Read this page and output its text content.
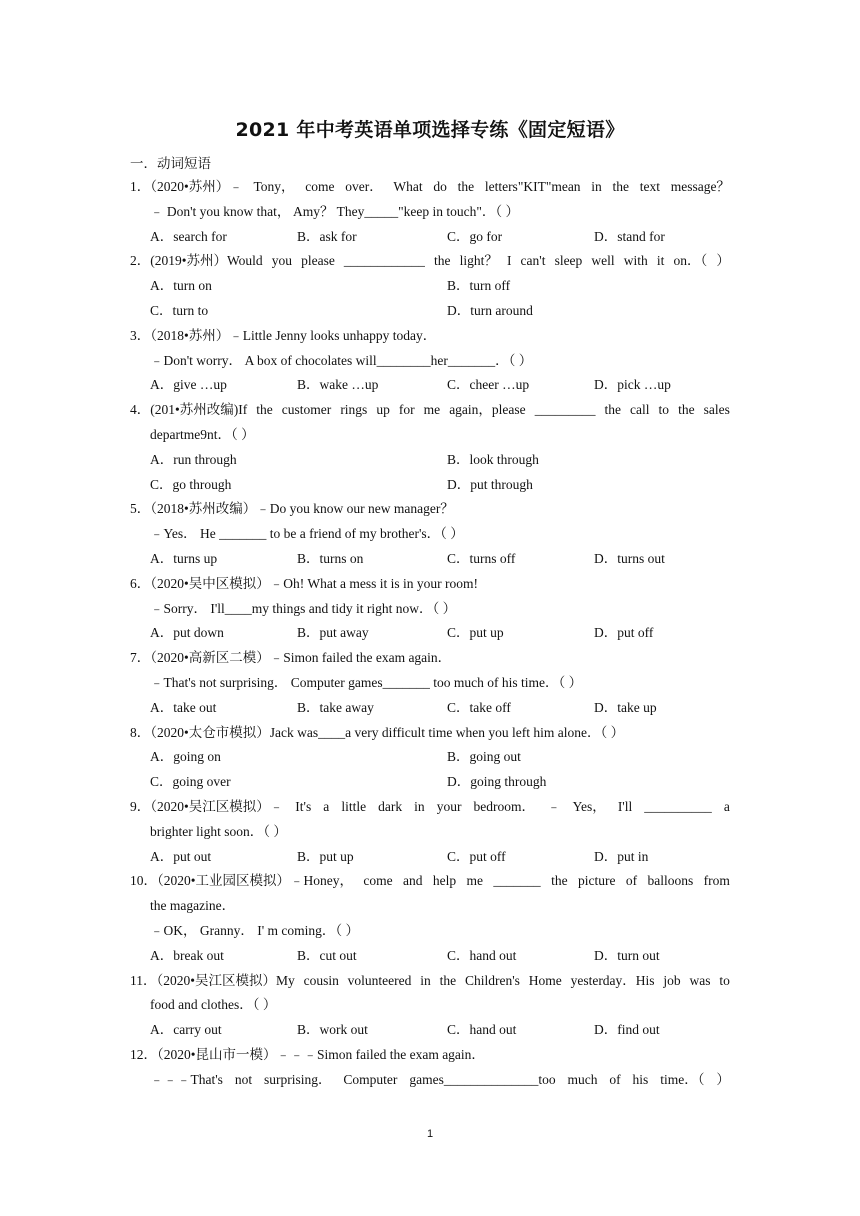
2021 年中考英语单项选择专练《固定短语》
一．动词短语
1．（2020•苏州）﹣ Tony， come over． What do the letters"KIT"mean in the text message？
﹣ Don't you know that， Amy？ They_____"keep in touch"．（ ）
A．search for	B．ask for	C．go for	D．stand for
2．(2019•苏州）Would you please ____________ the light？ I can't sleep well with it on．（ ）
A．turn on	B．turn off
C．turn to	D．turn around
3．（2018•苏州）﹣Little Jenny looks unhappy today．
﹣Don't worry． A box of chocolates will________her_______．（ ）
A．give …up	B．wake …up	C．cheer …up	D．pick …up
4．(201•苏州改编)If the customer rings up for me again，please _________ the call to the sales
departme9nt．（ ）
A．run through	B．look through
C．go through	D．put through
5．（2018•苏州改编）﹣Do you know our new manager？
﹣Yes． He _______ to be a friend of my brother's．（ ）
A．turns up	B．turns on	C．turns off	D．turns out
6．（2020•吴中区模拟）﹣Oh! What a mess it is in your room!
﹣Sorry． I'll____my things and tidy it right now．（ ）
A．put down	B．put away	C．put up	D．put off
7．（2020•高新区二模）﹣Simon failed the exam again．
﹣That's not surprising． Computer games_______ too much of his time．（ ）
A．take out	B．take away	C．take off	D．take up
8．（2020•太仓市模拟）Jack was____a very difficult time when you left him alone．（ ）
A．going on	B．going out
C．going over	D．going through
9．（2020•吴江区模拟）﹣ It's a little dark in your bedroom． ﹣ Yes， I'll __________ a
brighter light soon．（ ）
A．put out	B．put up	C．put off	D．put in
10．（2020•工业园区模拟）﹣Honey， come and help me _______ the picture of balloons from
the magazine．
﹣OK， Granny． I' m coming．（ ）
A．break out	B．cut out	C．hand out	D．turn out
11．（2020•吴江区模拟）My cousin volunteered in the Children's Home yesterday．His job was to
food and clothes．（ ）
A．carry out	B．work out	C．hand out	D．find out
12．（2020•昆山市一模）﹣﹣﹣Simon failed the exam again．
﹣﹣﹣That's not surprising． Computer games______________too much of his time．（ ）
1
